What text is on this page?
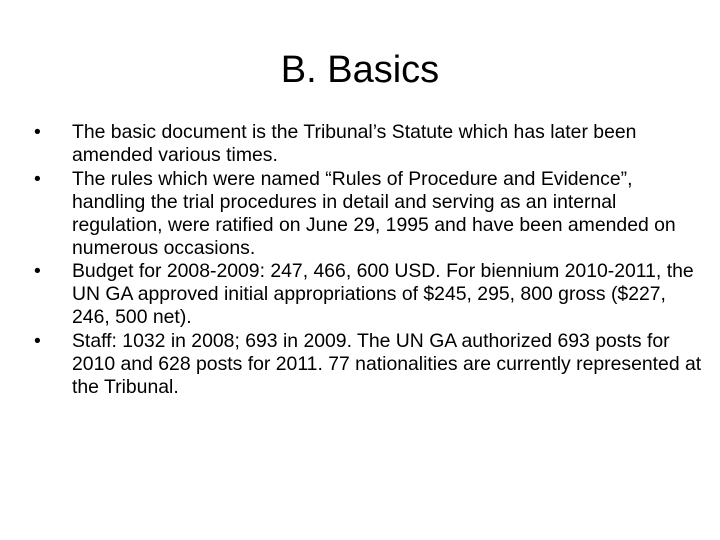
B. Basics
• The basic document is the Tribunal’s Statute which has later been amended various times.
• The rules which were named “Rules of Procedure and Evidence”, handling the trial procedures in detail and serving as an internal regulation, were ratified on June 29, 1995 and have been amended on numerous occasions.
• Budget for 2008-2009: 247, 466, 600 USD. For biennium 2010-2011, the UN GA approved initial appropriations of $245, 295, 800 gross ($227, 246, 500 net).
• Staff: 1032 in 2008; 693 in 2009. The UN GA authorized 693 posts for 2010 and 628 posts for 2011. 77 nationalities are currently represented at the Tribunal.
